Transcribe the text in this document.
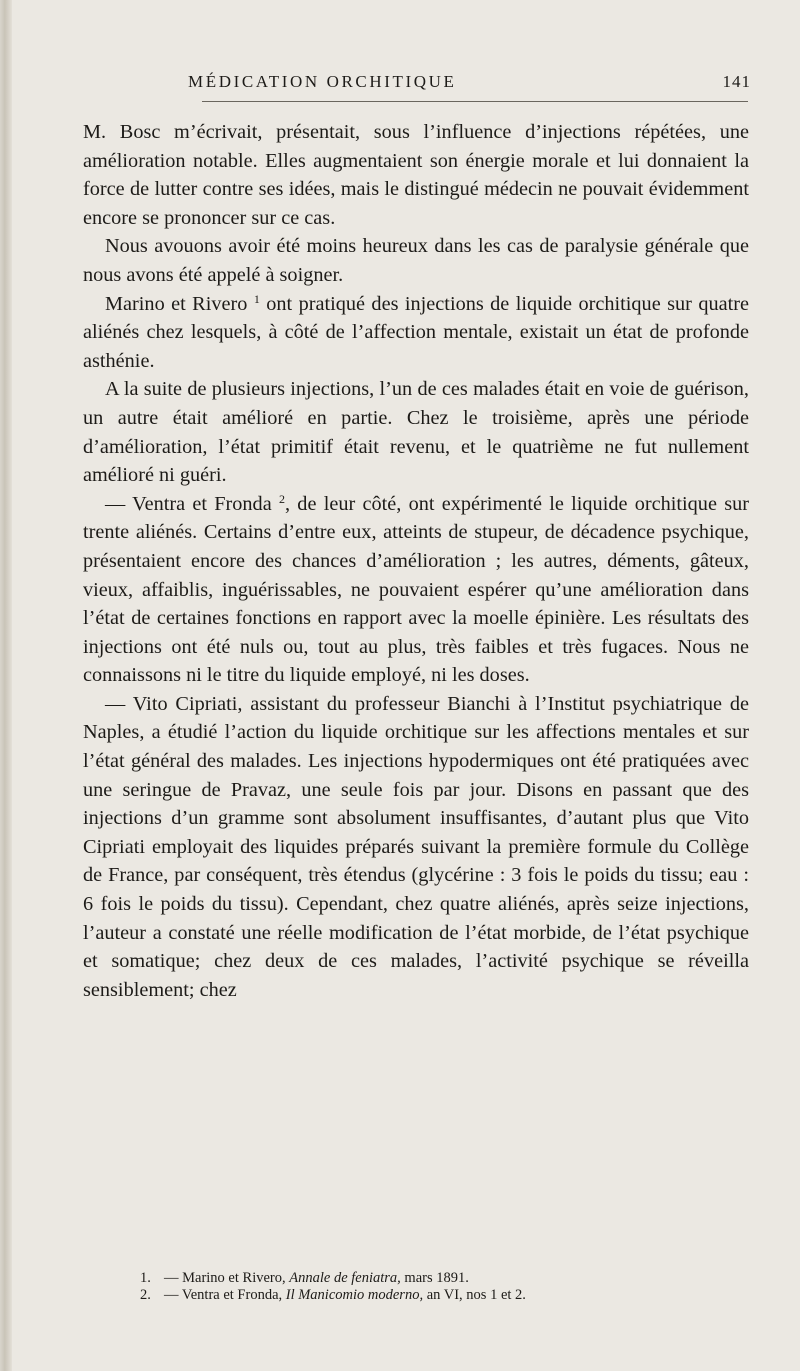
MÉDICATION ORCHITIQUE	141

M. Bosc m’écrivait, présentait, sous l’influence d’injections répétées, une amélioration notable. Elles augmentaient son énergie morale et lui donnaient la force de lutter contre ses idées, mais le distingué médecin ne pouvait évidemment encore se prononcer sur ce cas.

Nous avouons avoir été moins heureux dans les cas de paralysie générale que nous avons été appelé à soigner.

Marino et Rivero $^1$ ont pratiqué des injections de liquide orchitique sur quatre aliénés chez lesquels, à côté de l’affection mentale, existait un état de profonde asthénie.

A la suite de plusieurs injections, l’un de ces malades était en voie de guérison, un autre était amélioré en partie. Chez le troisième, après une période d’amélioration, l’état primitif était revenu, et le quatrième ne fut nullement amélioré ni guéri.

— Ventra et Fronda $^2$, de leur côté, ont expérimenté le liquide orchitique sur trente aliénés. Certains d’entre eux, atteints de stupeur, de décadence psychique, présentaient encore des chances d’amélioration ; les autres, déments, gâteux, vieux, affaiblis, inguérissables, ne pouvaient espérer qu’une amélioration dans l’état de certaines fonctions en rapport avec la moelle épinière. Les résultats des injections ont été nuls ou, tout au plus, très faibles et très fugaces. Nous ne connaissons ni le titre du liquide employé, ni les doses.

— Vito Cipriati, assistant du professeur Bianchi à l’Institut psychiatrique de Naples, a étudié l’action du liquide orchitique sur les affections mentales et sur l’état général des malades. Les injections hypodermiques ont été pratiquées avec une seringue de Pravaz, une seule fois par jour. Disons en passant que des injections d’un gramme sont absolument insuffisantes, d’autant plus que Vito Cipriati employait des liquides préparés suivant la première formule du Collège de France, par conséquent, très étendus (glycérine : 3 fois le poids du tissu; eau : 6 fois le poids du tissu). Cependant, chez quatre aliénés, après seize injections, l’auteur a constaté une réelle modification de l’état morbide, de l’état psychique et somatique; chez deux de ces malades, l’activité psychique se réveilla sensiblement; chez

1. — Marino et Rivero, Annale de feniatra, mars 1891.
2. — Ventra et Fronda, Il Manicomio moderno, an VI, nos 1 et 2.
